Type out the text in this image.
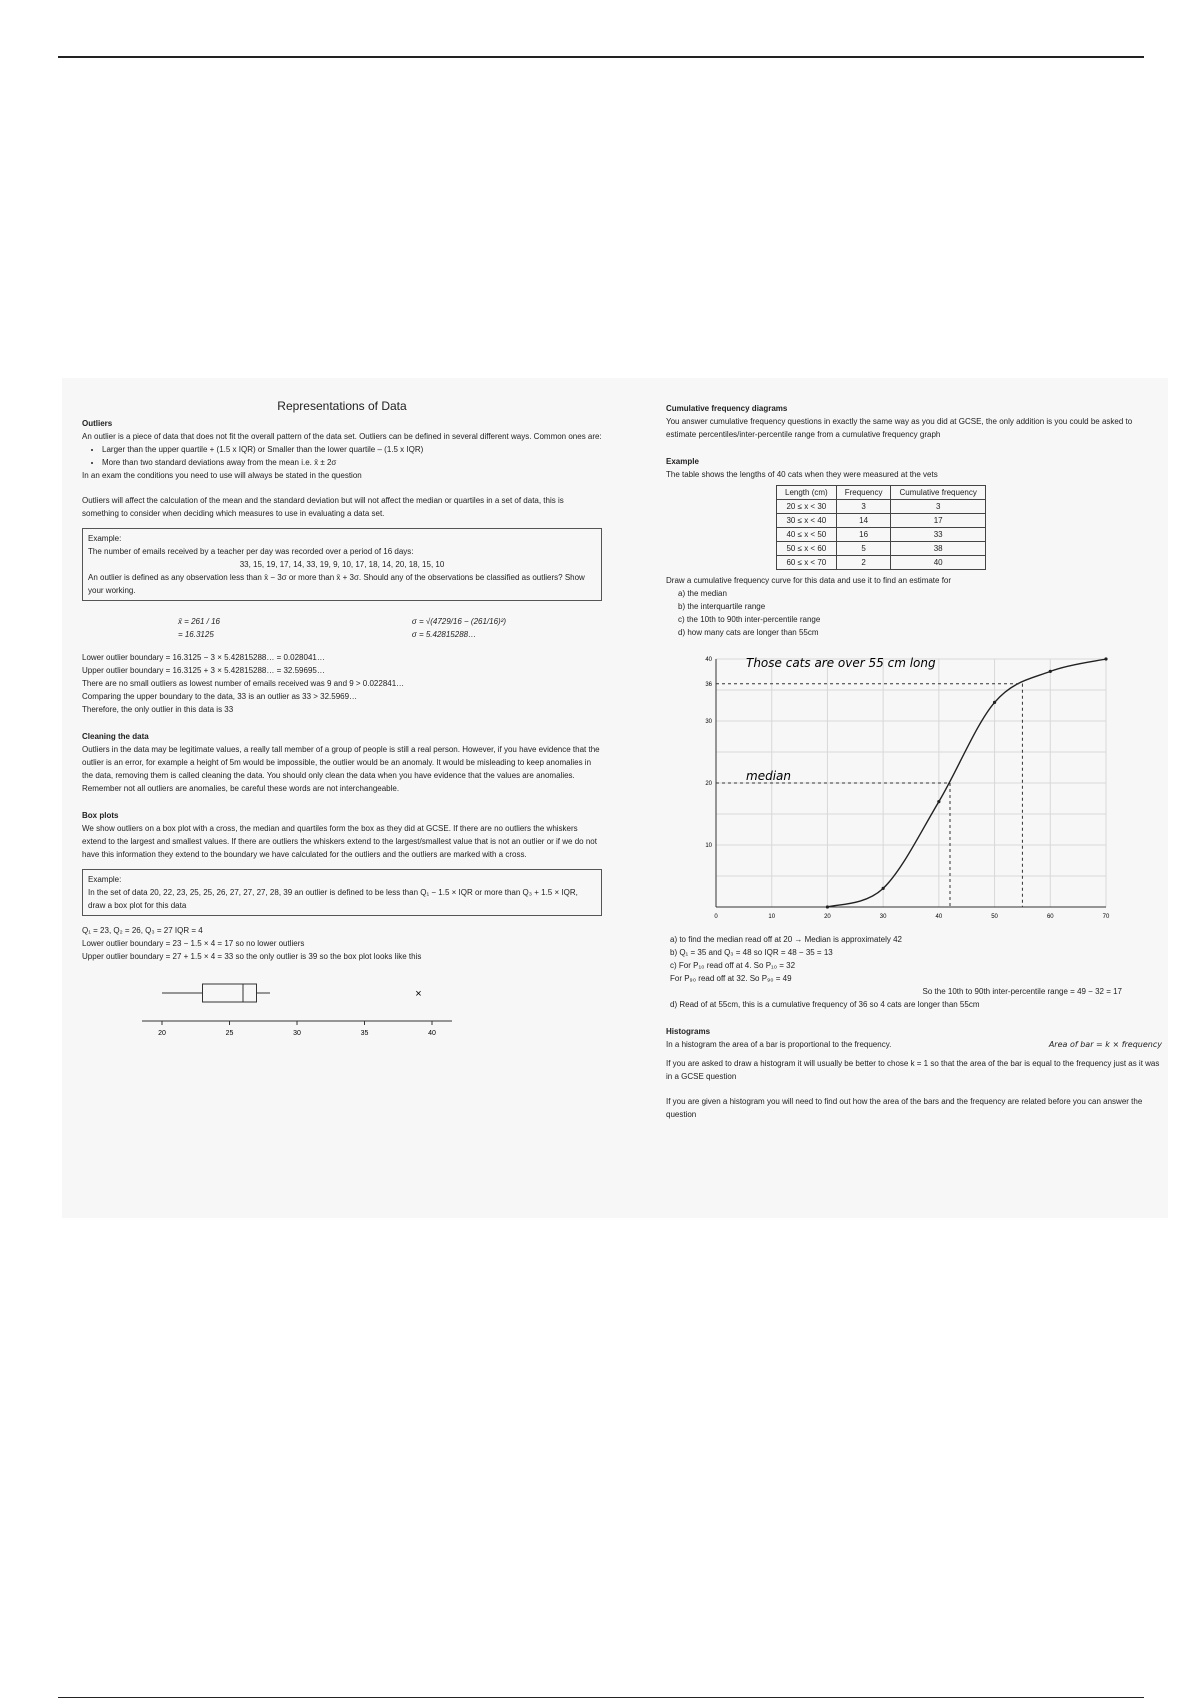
Representations of Data
Outliers

An outlier is a piece of data that does not fit the overall pattern of the data set. Outliers can be defined in several different ways. Common ones are:

• Larger than the upper quartile + (1.5 x IQR) or Smaller than the lower quartile – (1.5 x IQR)
• More than two standard deviations away from the mean i.e. x̄ ± 2σ

In an exam the conditions you need to use will always be stated in the question

Outliers will affect the calculation of the mean and the standard deviation but will not affect the median or quartiles in a set of data, this is something to consider when deciding which measures to use in evaluating a data set.

Example:
The number of emails received by a teacher per day was recorded over a period of 16 days:
33, 15, 19, 17, 14, 33, 19, 9, 10, 17, 18, 14, 20, 18, 15, 10
An outlier is defined as any observation less than x̄ − 3σ or more than x̄ + 3σ. Should any of the observations be classified as outliers? Show your working.
x̄ = 261 / 16
= 16.3125
σ = √(4729/16 − (261/16)²)
σ = 5.42815288…
Lower outlier boundary = 16.3125 − 3 × 5.42815288… = 0.028041…
Upper outlier boundary = 16.3125 + 3 × 5.42815288… = 32.59695…
There are no small outliers as lowest number of emails received was 9 and 9 > 0.022841…
Comparing the upper boundary to the data, 33 is an outlier as 33 > 32.5969…
Therefore, the only outlier in this data is 33
Cleaning the data

Outliers in the data may be legitimate values, a really tall member of a group of people is still a real person. However, if you have evidence that the outlier is an error, for example a height of 5m would be impossible, the outlier would be an anomaly. It would be misleading to keep anomalies in the data, removing them is called cleaning the data. You should only clean the data when you have evidence that the values are anomalies. Remember not all outliers are anomalies, be careful these words are not interchangeable.

Box plots

We show outliers on a box plot with a cross, the median and quartiles form the box as they did at GCSE. If there are no outliers the whiskers extend to the largest and smallest values. If there are outliers the whiskers extend to the largest/smallest value that is not an outlier or if we do not have this information they extend to the boundary we have calculated for the outliers and the outliers are marked with a cross.

Example:
In the set of data 20, 22, 23, 25, 25, 26, 27, 27, 27, 28, 39 an outlier is defined to be less than Q₁ − 1.5 × IQR or more than Q₃ + 1.5 × IQR, draw a box plot for this data
Q₁ = 23, Q₂ = 26, Q₃ = 27 IQR = 4
Lower outlier boundary = 23 − 1.5 × 4 = 17 so no lower outliers
Upper outlier boundary = 27 + 1.5 × 4 = 33 so the only outlier is 39 so the box plot looks like this
20	25	30	35	40
×
Cumulative frequency diagrams

You answer cumulative frequency questions in exactly the same way as you did at GCSE, the only addition is you could be asked to estimate percentiles/inter-percentile range from a cumulative frequency graph

Example
The table shows the lengths of 40 cats when they were measured at the vets
Length (cm)	Frequency	Cumulative frequency
20 ≤ x < 30	3	3
30 ≤ x < 40	14	17
40 ≤ x < 50	16	33
50 ≤ x < 60	5	38
60 ≤ x < 70	2	40
Draw a cumulative frequency curve for this data and use it to find an estimate for
a) the median
b) the interquartile range
c) the 10th to 90th inter-percentile range
d) how many cats are longer than 55cm
0	10	20	30	40	50	60	70
10
20
30
36
40
median
Those cats are over 55 cm long
a) to find the median read off at 20 → Median is approximately 42
b) Q₁ = 35 and Q₃ = 48 so IQR = 48 − 35 = 13
c) For P₁₀ read off at 4. So P₁₀ = 32
For P₉₀ read off at 32. So P₉₀ = 49
So the 10th to 90th inter-percentile range = 49 − 32 = 17
d) Read of at 55cm, this is a cumulative frequency of 36 so 4 cats are longer than 55cm
Histograms
In a histogram the area of a bar is proportional to the frequency.	Area of bar = k × frequency

If you are asked to draw a histogram it will usually be better to chose k = 1 so that the area of the bar is equal to the frequency just as it was in a GCSE question

If you are given a histogram you will need to find out how the area of the bars and the frequency are related before you can answer the question
